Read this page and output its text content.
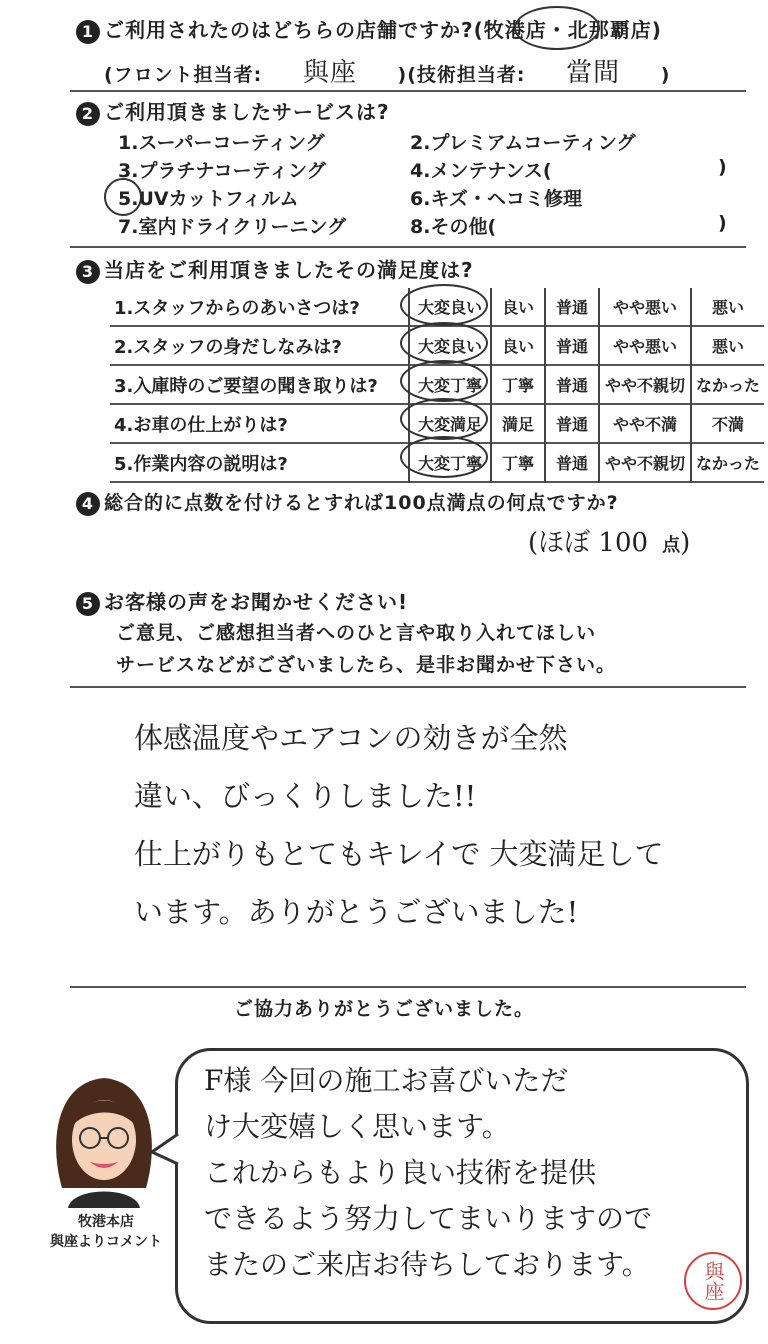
1 ご利用されたのはどちらの店舗ですか?(牧港店・北那覇店)
(フロント担当者: 與座 )(技術担当者: 當間 )
2 ご利用頂きましたサービスは?
1.スーパーコーティング	2.プレミアムコーティング
3.プラチナコーティング	4.メンテナンス(	)
5.UVカットフィルム	6.キズ・ヘコミ修理
7.室内ドライクリーニング	8.その他(	)
3 当店をご利用頂きましたその満足度は?
1.スタッフからのあいさつは?	大変良い	良い	普通	やや悪い	悪い
2.スタッフの身だしなみは?	大変良い	良い	普通	やや悪い	悪い
3.入庫時のご要望の聞き取りは?	大変丁寧	丁寧	普通	やや不親切	なかった
4.お車の仕上がりは?	大変満足	満足	普通	やや不満	不満
5.作業内容の説明は?	大変丁寧	丁寧	普通	やや不親切	なかった
4 総合的に点数を付けるとすれば100点満点の何点ですか?
(ほぼ 100 点)
5 お客様の声をお聞かせください!
ご意見、ご感想担当者へのひと言や取り入れてほしい
サービスなどがございましたら、是非お聞かせ下さい。
体感温度やエアコンの効きが全然
違い、びっくりしました!!
仕上がりもとてもキレイで 大変満足して
います。ありがとうございました!
ご協力ありがとうございました。
牧港本店
與座よりコメント
F様 今回の施工お喜びいただ
け大変嬉しく思います。
これからもより良い技術を提供
できるよう努力してまいりますので
またのご来店お待ちしております。	與座
